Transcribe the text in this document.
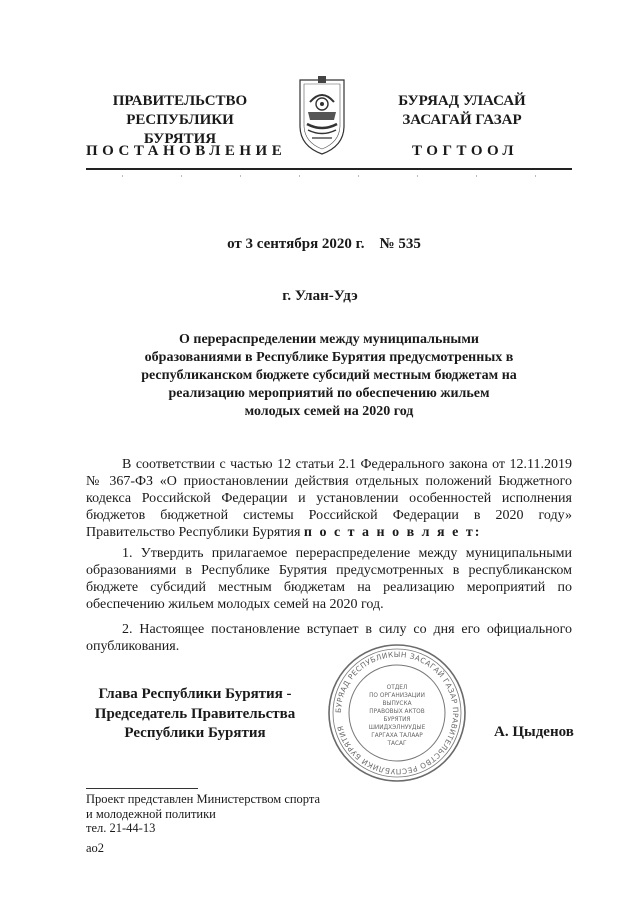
ПРАВИТЕЛЬСТВО
РЕСПУБЛИКИ БУРЯТИЯ
ПОСТАНОВЛЕНИЕ
БУРЯАД УЛАСАЙ
ЗАСАГАЙ ГАЗАР
ТОГТООЛ
от 3 сентября 2020 г.    № 535
г. Улан-Удэ
О перераспределении между муниципальными
образованиями в Республике Бурятия предусмотренных в
республиканском бюджете субсидий местным бюджетам на
реализацию мероприятий по обеспечению жильем
молодых семей на 2020 год
В соответствии с частью 12 статьи 2.1 Федерального закона от 12.11.2019 № 367-ФЗ «О приостановлении действия отдельных положений Бюджетного кодекса Российской Федерации и установлении особенностей исполнения бюджетов бюджетной системы Российской Федерации в 2020 году» Правительство Республики Бурятия п о с т а н о в л я е т:
1. Утвердить прилагаемое перераспределение между муниципальными образованиями в Республике Бурятия предусмотренных в республиканском бюджете субсидий местным бюджетам на реализацию мероприятий по обеспечению жильем молодых семей на 2020 год.
2. Настоящее постановление вступает в силу со дня его официального опубликования.
БУРЯАД РЕСПУБЛИКЫН ЗАСАГАЙ ГАЗАР ПРАВИТЕЛЬСТВО РЕСПУБЛИКИ БУРЯТИЯ
ОТДЕЛ
ПО ОРГАНИЗАЦИИ
ВЫПУСКА
ПРАВОВЫХ АКТОВ
БУРЯТИЯ
ШИИДХЭЛНУУДЫЕ
ГАРГАХА ТАЛААР
ТАСАГ
Глава Республики Бурятия -
Председатель Правительства
Республики Бурятия	А. Цыденов
Проект представлен Министерством спорта
и молодежной политики
тел. 21-44-13
ao2
